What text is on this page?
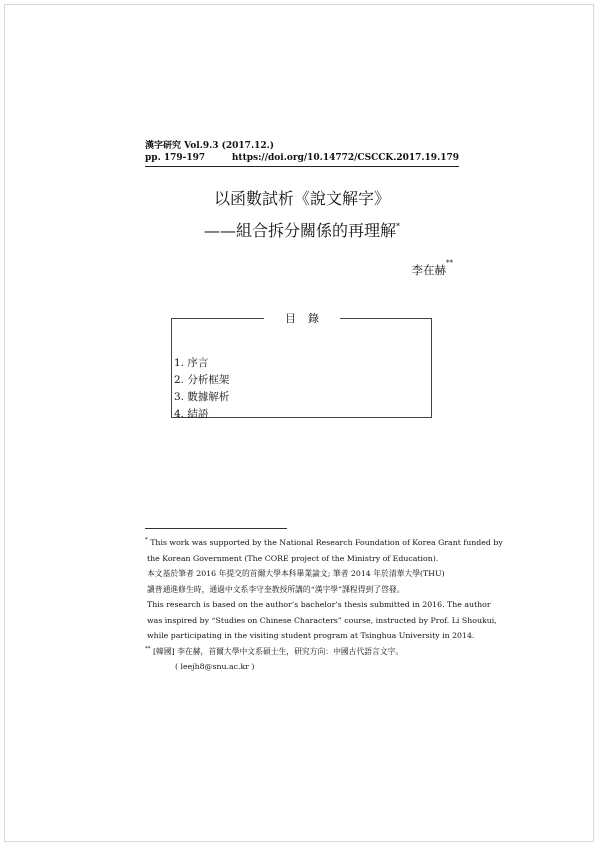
漢字研究 Vol.9.3 (2017.12.)
pp. 179-197	https://doi.org/10.14772/CSCCK.2017.19.179
以函數試析《說文解字》
——組合拆分關係的再理解*
李在赫**
目錄
1. 序言
2. 分析框架
3. 數據解析
4. 結語

* This work was supported by the National Research Foundation of Korea Grant funded by

the Korean Government (The CORE project of the Ministry of Education).

本文基於筆者 2016 年提交的首爾大學本科畢業論文; 筆者 2014 年於清華大學(THU)

讀普通進修生時，通過中文系李守奎教授所講的“漢字學”課程得到了啓發。

This research is based on the author’s bachelor’s thesis submitted in 2016. The author

was inspired by “Studies on Chinese Characters” course, instructed by Prof. Li Shoukui,

while participating in the visiting student program at Tsinghua University in 2014.

** [韓國] 李在赫，首爾大學中文系碩士生，研究方向：中國古代語言文字。

( leejh8@snu.ac.kr )
